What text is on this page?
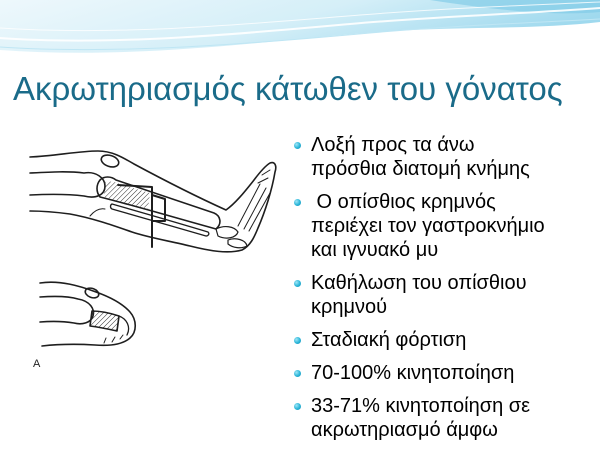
Ακρωτηριασμός κάτωθεν του γόνατος
A
Λοξή προς τα άνω
πρόσθια διατομή κνήμης
Ο οπίσθιος κρημνός
περιέχει τον γαστροκνήμιο
και ιγνυακό μυ
Καθήλωση του οπίσθιου
κρημνού
Σταδιακή φόρτιση
70-100% κινητοποίηση
33-71% κινητοποίηση σε
ακρωτηριασμό άμφω
